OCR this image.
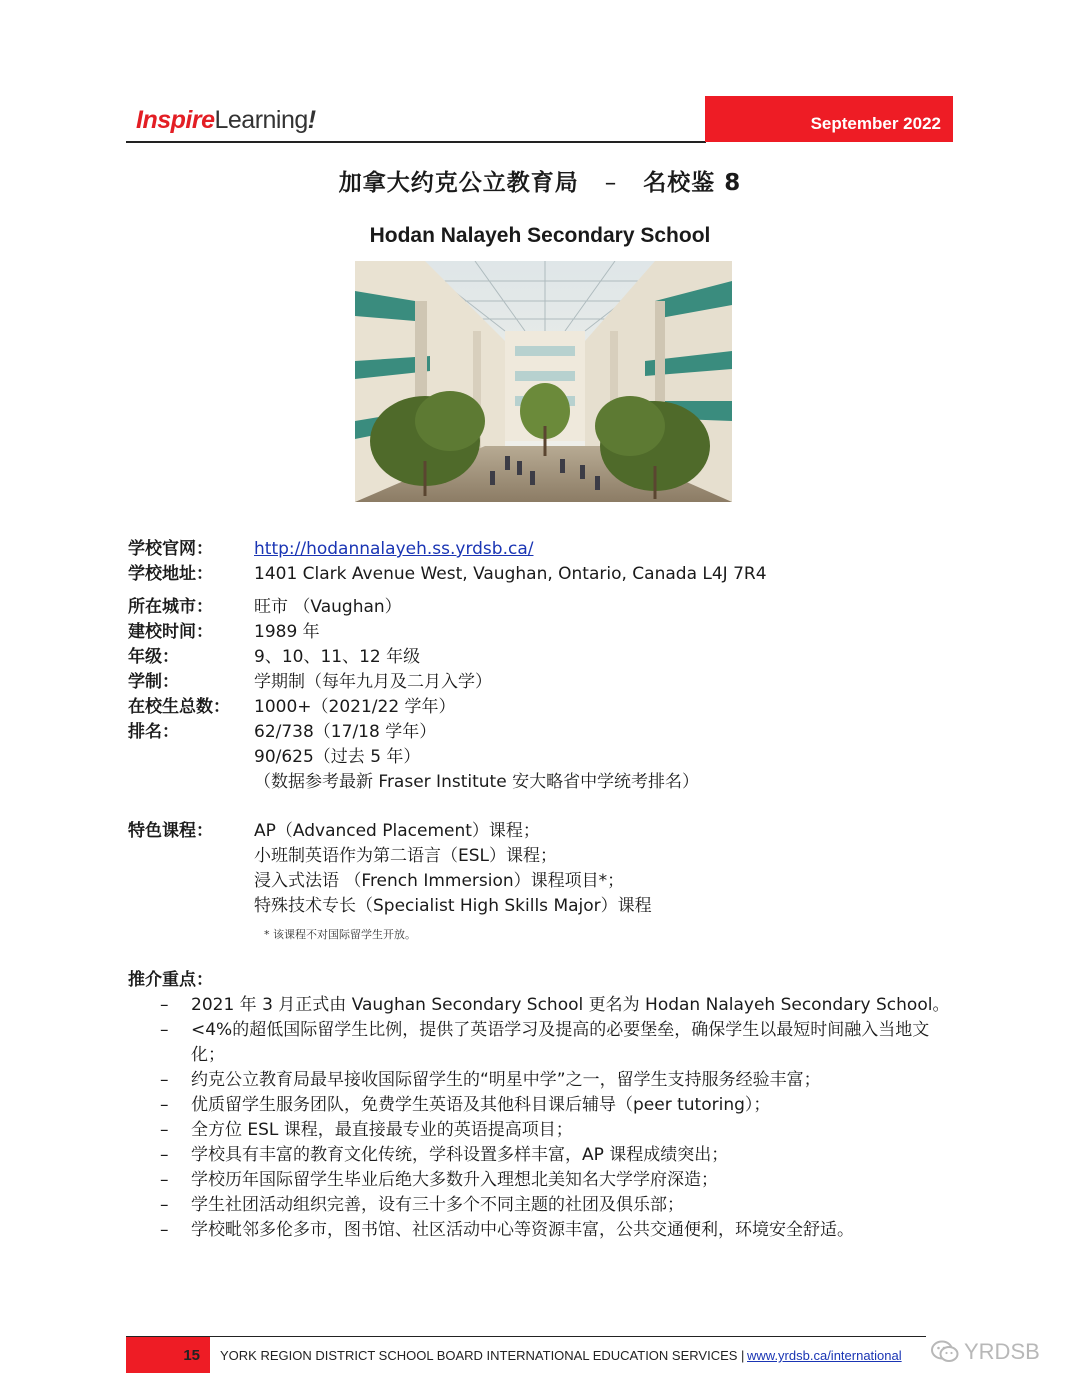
InspireLearning!	September 2022
加拿大约克公立教育局 – 名校鉴 8
Hodan Nalayeh Secondary School
学校官网： http://hodannalayeh.ss.yrdsb.ca/
学校地址： 1401 Clark Avenue West, Vaughan, Ontario, Canada L4J 7R4
所在城市： 旺市 （Vaughan）
建校时间： 1989 年
年级：	9、10、11、12 年级
学制：	学期制（每年九月及二月入学）
在校生总数： 1000+（2021/22 学年）
排名：	62/738（17/18 学年）
90/625（过去 5 年）
（数据参考最新 Fraser Institute 安大略省中学统考排名）
特色课程： AP（Advanced Placement）课程；
小班制英语作为第二语言（ESL）课程；
浸入式法语 （French Immersion）课程项目*；
特殊技术专长（Specialist High Skills Major）课程
* 该课程不对国际留学生开放。
推介重点：
– 2021 年 3 月正式由 Vaughan Secondary School 更名为 Hodan Nalayeh Secondary School。
– <4%的超低国际留学生比例，提供了英语学习及提高的必要堡垒，确保学生以最短时间融入当地文化；
– 约克公立教育局最早接收国际留学生的“明星中学”之一，留学生支持服务经验丰富；
– 优质留学生服务团队，免费学生英语及其他科目课后辅导（peer tutoring）；
– 全方位 ESL 课程，最直接最专业的英语提高项目；
– 学校具有丰富的教育文化传统，学科设置多样丰富，AP 课程成绩突出；
– 学校历年国际留学生毕业后绝大多数升入理想北美知名大学学府深造；
– 学生社团活动组织完善，设有三十多个不同主题的社团及俱乐部；
– 学校毗邻多伦多市，图书馆、社区活动中心等资源丰富，公共交通便利，环境安全舒适。
15 YORK REGION DISTRICT SCHOOL BOARD INTERNATIONAL EDUCATION SERVICES | www.yrdsb.ca/international	YRDSB
